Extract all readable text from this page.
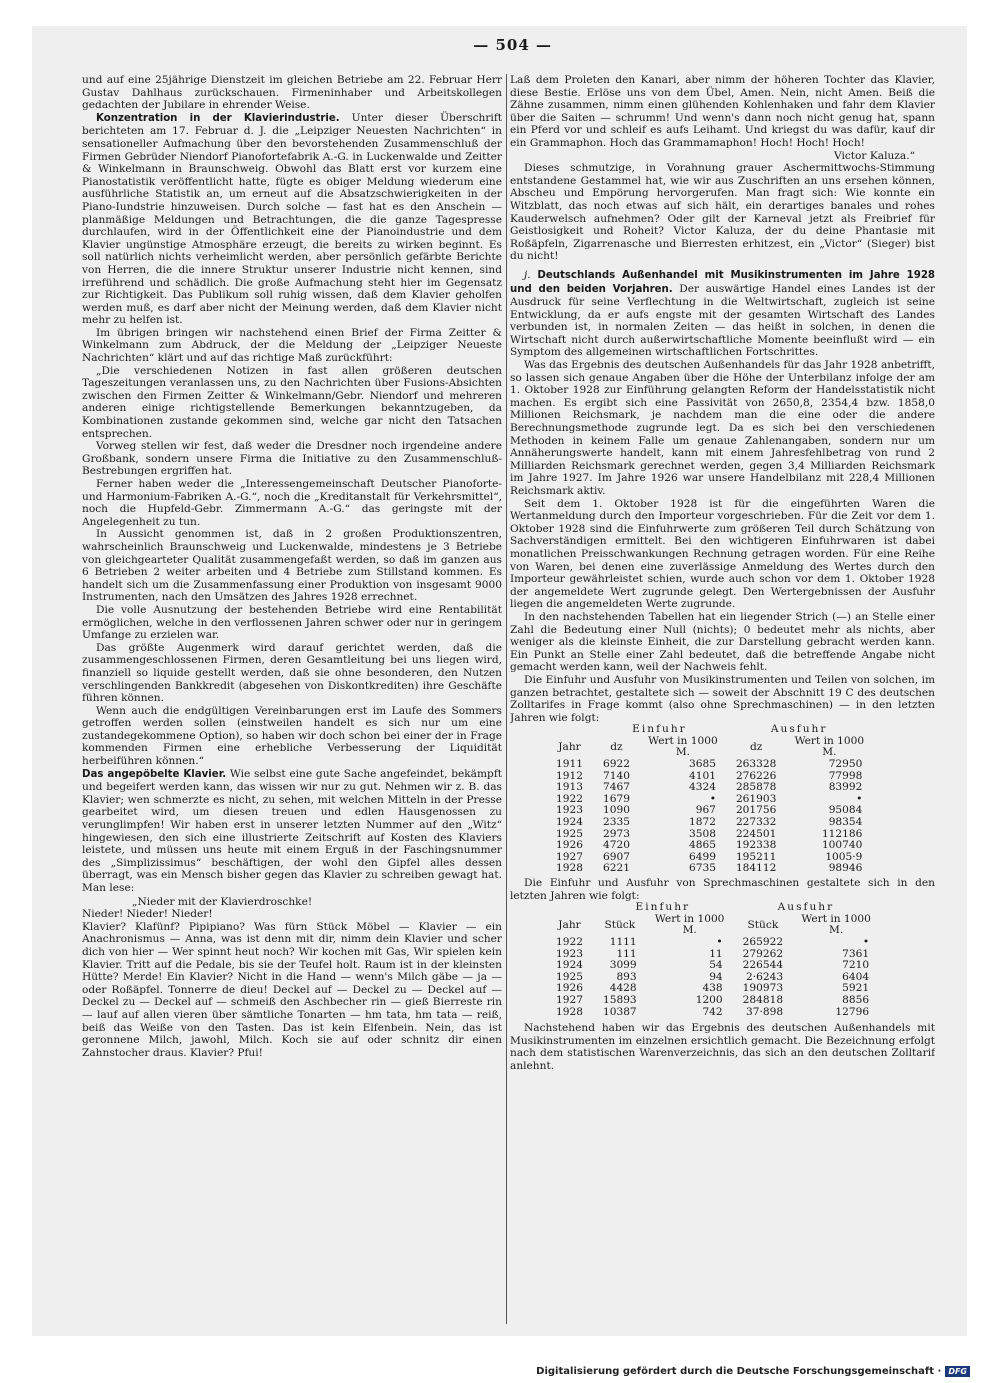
— 504 —

und auf eine 25jährige Dienstzeit im gleichen Betriebe am 22. Februar Herr Gustav Dahlhaus zurückschauen. Firmeninhaber und Arbeitskollegen gedachten der Jubilare in ehrender Weise.

Konzentration in der Klavierindustrie. Unter dieser Überschrift berichteten am 17. Februar d. J. die „Leipziger Neuesten Nachrichten“ in sensationeller Aufmachung über den bevorstehenden Zusammenschluß der Firmen Gebrüder Niendorf Pianofortefabrik A.-G. in Luckenwalde und Zeitter & Winkelmann in Braunschweig. Obwohl das Blatt erst vor kurzem eine Pianostatistik veröffentlicht hatte, fügte es obiger Meldung wiederum eine ausführliche Statistik an, um erneut auf die Absatzschwierigkeiten in der Piano-Iundstrie hinzuweisen. Durch solche — fast hat es den Anschein — planmäßige Meldungen und Betrachtungen, die die ganze Tagespresse durchlaufen, wird in der Öffentlichkeit eine der Pianoindustrie und dem Klavier ungünstige Atmosphäre erzeugt, die bereits zu wirken beginnt. Es soll natürlich nichts verheimlicht werden, aber persönlich gefärbte Berichte von Herren, die die innere Struktur unserer Industrie nicht kennen, sind irreführend und schädlich. Die große Aufmachung steht hier im Gegensatz zur Richtigkeit. Das Publikum soll ruhig wissen, daß dem Klavier geholfen werden muß, es darf aber nicht der Meinung werden, daß dem Klavier nicht mehr zu helfen ist.

Im übrigen bringen wir nachstehend einen Brief der Firma Zeitter & Winkelmann zum Abdruck, der die Meldung der „Leipziger Neueste Nachrichten“ klärt und auf das richtige Maß zurückführt:

„Die verschiedenen Notizen in fast allen größeren deutschen Tageszeitungen veranlassen uns, zu den Nachrichten über Fusions-Absichten zwischen den Firmen Zeitter & Winkelmann/Gebr. Niendorf und mehreren anderen einige richtigstellende Bemerkungen bekanntzugeben, da Kombinationen zustande gekommen sind, welche gar nicht den Tatsachen entsprechen.

Vorweg stellen wir fest, daß weder die Dresdner noch irgendeine andere Großbank, sondern unsere Firma die Initiative zu den Zusammenschluß-Bestrebungen ergriffen hat.

Ferner haben weder die „Interessengemeinschaft Deutscher Pianoforte- und Harmonium-Fabriken A.-G.“, noch die „Kreditanstalt für Verkehrsmittel“, noch die Hupfeld-Gebr. Zimmermann A.-G.“ das geringste mit der Angelegenheit zu tun.

In Aussicht genommen ist, daß in 2 großen Produktionszentren, wahrscheinlich Braunschweig und Luckenwalde, mindestens je 3 Betriebe von gleichgearteter Qualität zusammengefaßt werden, so daß im ganzen aus 6 Betrieben 2 weiter arbeiten und 4 Betriebe zum Stillstand kommen. Es handelt sich um die Zusammenfassung einer Produktion von insgesamt 9000 Instrumenten, nach den Umsätzen des Jahres 1928 errechnet.

Die volle Ausnutzung der bestehenden Betriebe wird eine Rentabilität ermöglichen, welche in den verflossenen Jahren schwer oder nur in geringem Umfange zu erzielen war.

Das größte Augenmerk wird darauf gerichtet werden, daß die zusammengeschlossenen Firmen, deren Gesamtleitung bei uns liegen wird, finanziell so liquide gestellt werden, daß sie ohne besonderen, den Nutzen verschlingenden Bankkredit (abgesehen von Diskontkrediten) ihre Geschäfte führen können.

Wenn auch die endgültigen Vereinbarungen erst im Laufe des Sommers getroffen werden sollen (einstweilen handelt es sich nur um eine zustandegekommene Option), so haben wir doch schon bei einer der in Frage kommenden Firmen eine erhebliche Verbesserung der Liquidität herbeiführen können.“

Das angepöbelte Klavier. Wie selbst eine gute Sache angefeindet, bekämpft und begeifert werden kann, das wissen wir nur zu gut. Nehmen wir z. B. das Klavier; wen schmerzte es nicht, zu sehen, mit welchen Mitteln in der Presse gearbeitet wird, um diesen treuen und edlen Hausgenossen zu verunglimpfen! Wir haben erst in unserer letzten Nummer auf den „Witz“ hingewiesen, den sich eine illustrierte Zeitschrift auf Kosten des Klaviers leistete, und müssen uns heute mit einem Erguß in der Faschingsnummer des „Simplizissimus“ beschäftigen, der wohl den Gipfel alles dessen überragt, was ein Mensch bisher gegen das Klavier zu schreiben gewagt hat. Man lese:

„Nieder mit der Klavierdroschke!

Nieder! Nieder! Nieder!

Klavier? Klafünf? Pipipiano? Was fürn Stück Möbel — Klavier — ein Anachronismus — Anna, was ist denn mit dir, nimm dein Klavier und scher dich von hier — Wer spinnt heut noch? Wir kochen mit Gas, Wir spielen kein Klavier. Tritt auf die Pedale, bis sie der Teufel holt. Raum ist in der kleinsten Hütte? Merde! Ein Klavier? Nicht in die Hand — wenn's Milch gäbe — ja — oder Roßäpfel. Tonnerre de dieu! Deckel auf — Deckel zu — Deckel auf — Deckel zu — Deckel auf — schmeiß den Aschbecher rin — gieß Bierreste rin — lauf auf allen vieren über sämtliche Tonarten — hm tata, hm tata — reiß, beiß das Weiße von den Tasten. Das ist kein Elfenbein. Nein, das ist geronnene Milch, jawohl, Milch. Koch sie auf oder schnitz dir einen Zahnstocher draus. Klavier? Pfui!

Laß dem Proleten den Kanari, aber nimm der höheren Tochter das Klavier, diese Bestie. Erlöse uns von dem Übel, Amen. Nein, nicht Amen. Beiß die Zähne zusammen, nimm einen glühenden Kohlenhaken und fahr dem Klavier über die Saiten — schrumm! Und wenn's dann noch nicht genug hat, spann ein Pferd vor und schleif es aufs Leihamt. Und kriegst du was dafür, kauf dir ein Grammaphon. Hoch das Grammamaphon! Hoch! Hoch! Hoch!

Victor Kaluza.“

Dieses schmutzige, in Vorahnung grauer Aschermittwochs-Stimmung entstandene Gestammel hat, wie wir aus Zuschriften an uns ersehen können, Abscheu und Empörung hervorgerufen. Man fragt sich: Wie konnte ein Witzblatt, das noch etwas auf sich hält, ein derartiges banales und rohes Kauderwelsch aufnehmen? Oder gilt der Karneval jetzt als Freibrief für Geistlosigkeit und Roheit? Victor Kaluza, der du deine Phantasie mit Roßäpfeln, Zigarrenasche und Bierresten erhitzest, ein „Victor“ (Sieger) bist du nicht!

j. Deutschlands Außenhandel mit Musikinstrumenten im Jahre 1928 und den beiden Vorjahren. Der auswärtige Handel eines Landes ist der Ausdruck für seine Verflechtung in die Weltwirtschaft, zugleich ist seine Entwicklung, da er aufs engste mit der gesamten Wirtschaft des Landes verbunden ist, in normalen Zeiten — das heißt in solchen, in denen die Wirtschaft nicht durch außerwirtschaftliche Momente beeinflußt wird — ein Symptom des allgemeinen wirtschaftlichen Fortschrittes.

Was das Ergebnis des deutschen Außenhandels für das Jahr 1928 anbetrifft, so lassen sich genaue Angaben über die Höhe der Unterbilanz infolge der am 1. Oktober 1928 zur Einführung gelangten Reform der Handelsstatistik nicht machen. Es ergibt sich eine Passivität von 2650,8, 2354,4 bzw. 1858,0 Millionen Reichsmark, je nachdem man die eine oder die andere Berechnungsmethode zugrunde legt. Da es sich bei den verschiedenen Methoden in keinem Falle um genaue Zahlenangaben, sondern nur um Annäherungswerte handelt, kann mit einem Jahresfehlbetrag von rund 2 Milliarden Reichsmark gerechnet werden, gegen 3,4 Milliarden Reichsmark im Jahre 1927. Im Jahre 1926 war unsere Handelbilanz mit 228,4 Millionen Reichsmark aktiv.

Seit dem 1. Oktober 1928 ist für die eingeführten Waren die Wertanmeldung durch den Importeur vorgeschrieben. Für die Zeit vor dem 1. Oktober 1928 sind die Einfuhrwerte zum größeren Teil durch Schätzung von Sachverständigen ermittelt. Bei den wichtigeren Einfuhrwaren ist dabei monatlichen Preisschwankungen Rechnung getragen worden. Für eine Reihe von Waren, bei denen eine zuverlässige Anmeldung des Wertes durch den Importeur gewährleistet schien, wurde auch schon vor dem 1. Oktober 1928 der angemeldete Wert zugrunde gelegt. Den Wertergebnissen der Ausfuhr liegen die angemeldeten Werte zugrunde.

In den nachstehenden Tabellen hat ein liegender Strich (—) an Stelle einer Zahl die Bedeutung einer Null (nichts); 0 bedeutet mehr als nichts, aber weniger als die kleinste Einheit, die zur Darstellung gebracht werden kann. Ein Punkt an Stelle einer Zahl bedeutet, daß die betreffende Angabe nicht gemacht werden kann, weil der Nachweis fehlt.

Die Einfuhr und Ausfuhr von Musikinstrumenten und Teilen von solchen, im ganzen betrachtet, gestaltete sich — soweit der Abschnitt 19 C des deutschen Zolltarifes in Frage kommt (also ohne Sprechmaschinen) — in den letzten Jahren wie folgt:

	Einfuhr		Ausfuhr	
Jahr	dz	Wert in 1000 M.	dz	Wert in 1000 M.
1911	6922	3685	263328	72950
1912	7140	4101	276226	77998
1913	7467	4324	285878	83992
1922	1679	•	261903	•
1923	1090	967	201756	95084
1924	2335	1872	227332	98354
1925	2973	3508	224501	112186
1926	4720	4865	192338	100740
1927	6907	6499	195211	1005·9
1928	6221	6735	184112	98946

Die Einfuhr und Ausfuhr von Sprechmaschinen gestaltete sich in den letzten Jahren wie folgt:

	Einfuhr		Ausfuhr	
Jahr	Stück	Wert in 1000 M.	Stück	Wert in 1000 M.
1922	1111	•	265922	•
1923	111	11	279262	7361
1924	3099	54	226544	7210
1925	893	94	2·6243	6404
1926	4428	438	190973	5921
1927	15893	1200	284818	8856
1928	10387	742	37·898	12796

Nachstehend haben wir das Ergebnis des deutschen Außenhandels mit Musikinstrumenten im einzelnen ersichtlich gemacht. Die Bezeichnung erfolgt nach dem statistischen Warenverzeichnis, das sich an den deutschen Zolltarif anlehnt.

Digitalisierung gefördert durch die Deutsche Forschungsgemeinschaft · DFG
